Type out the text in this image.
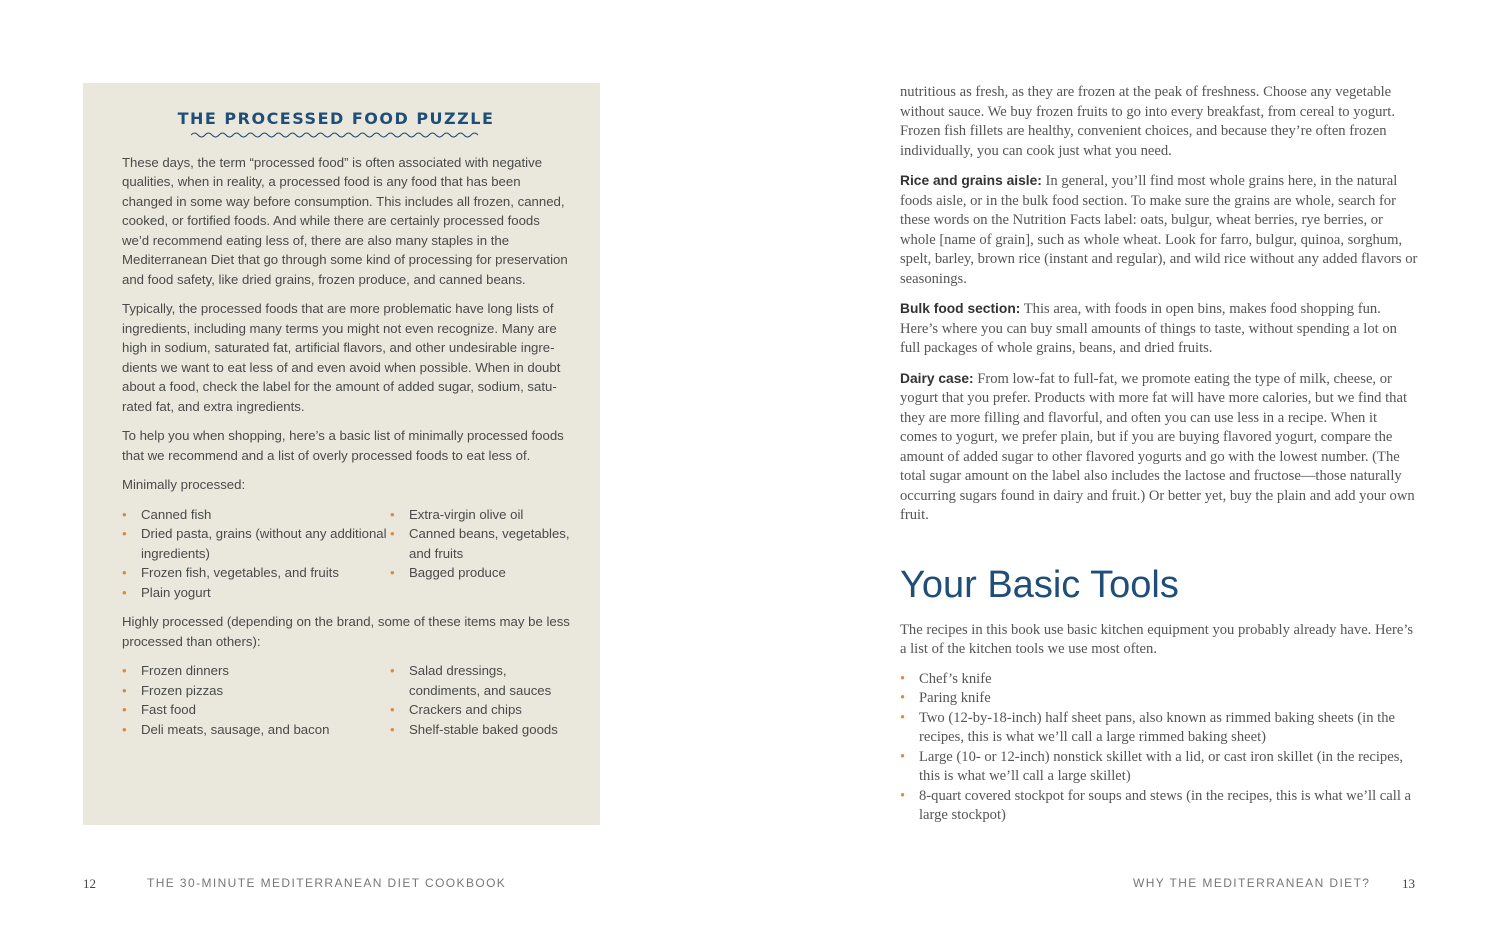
THE PROCESSED FOOD PUZZLE

These days, the term “processed food” is often associated with negative qualities, when in reality, a processed food is any food that has been changed in some way before consumption. This includes all frozen, canned, cooked, or fortified foods. And while there are certainly processed foods we’d recommend eating less of, there are also many staples in the Mediterranean Diet that go through some kind of processing for preservation and food safety, like dried grains, frozen produce, and canned beans.

Typically, the processed foods that are more problematic have long lists of ingredients, including many terms you might not even recognize. Many are high in sodium, saturated fat, artificial flavors, and other undesirable ingredients we want to eat less of and even avoid when possible. When in doubt about a food, check the label for the amount of added sugar, sodium, saturated fat, and extra ingredients.

To help you when shopping, here’s a basic list of minimally processed foods that we recommend and a list of overly processed foods to eat less of.

Minimally processed:

• Canned fish
• Dried pasta, grains (without any additional ingredients)
• Frozen fish, vegetables, and fruits
• Plain yogurt
• Extra-virgin olive oil
• Canned beans, vegetables, and fruits
• Bagged produce

Highly processed (depending on the brand, some of these items may be less processed than others):

• Frozen dinners
• Frozen pizzas
• Fast food
• Deli meats, sausage, and bacon
• Salad dressings, condiments, and sauces
• Crackers and chips
• Shelf-stable baked goods

nutritious as fresh, as they are frozen at the peak of freshness. Choose any vegetable without sauce. We buy frozen fruits to go into every breakfast, from cereal to yogurt. Frozen fish fillets are healthy, convenient choices, and because they’re often frozen individually, you can cook just what you need.

Rice and grains aisle: In general, you’ll find most whole grains here, in the natural foods aisle, or in the bulk food section. To make sure the grains are whole, search for these words on the Nutrition Facts label: oats, bulgur, wheat berries, rye berries, or whole [name of grain], such as whole wheat. Look for farro, bulgur, quinoa, sorghum, spelt, barley, brown rice (instant and regular), and wild rice without any added flavors or seasonings.

Bulk food section: This area, with foods in open bins, makes food shopping fun. Here’s where you can buy small amounts of things to taste, without spending a lot on full packages of whole grains, beans, and dried fruits.

Dairy case: From low-fat to full-fat, we promote eating the type of milk, cheese, or yogurt that you prefer. Products with more fat will have more calories, but we find that they are more filling and flavorful, and often you can use less in a recipe. When it comes to yogurt, we prefer plain, but if you are buying flavored yogurt, compare the amount of added sugar to other flavored yogurts and go with the lowest number. (The total sugar amount on the label also includes the lactose and fructose—those naturally occurring sugars found in dairy and fruit.) Or better yet, buy the plain and add your own fruit.

Your Basic Tools

The recipes in this book use basic kitchen equipment you probably already have. Here’s a list of the kitchen tools we use most often.

• Chef’s knife
• Paring knife
• Two (12-by-18-inch) half sheet pans, also known as rimmed baking sheets (in the recipes, this is what we’ll call a large rimmed baking sheet)
• Large (10- or 12-inch) nonstick skillet with a lid, or cast iron skillet (in the recipes, this is what we’ll call a large skillet)
• 8-quart covered stockpot for soups and stews (in the recipes, this is what we’ll call a large stockpot)
12	THE 30-MINUTE MEDITERRANEAN DIET COOKBOOK	WHY THE MEDITERRANEAN DIET? 13
